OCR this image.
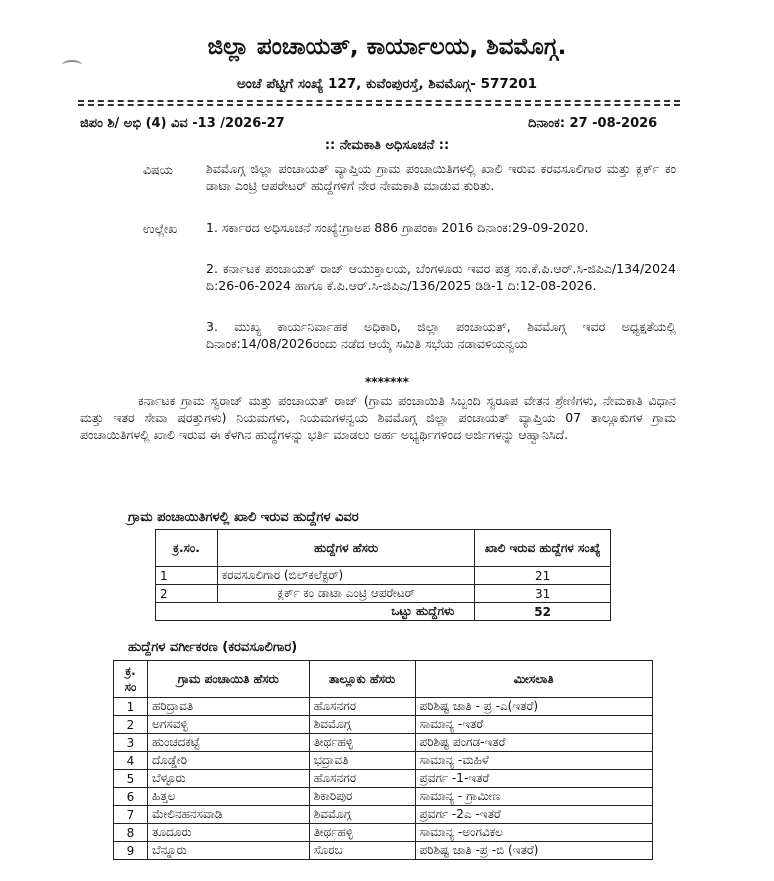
ಜಿಲ್ಲಾ ಪಂಚಾಯತ್, ಕಾರ್ಯಾಲಯ, ಶಿವಮೊಗ್ಗ.
ಅಂಚೆ ಪೆಟ್ಟಿಗೆ ಸಂಖ್ಯೆ 127, ಕುವೆಂಪುರಸ್ತೆ, ಶಿವಮೊಗ್ಗ- 577201
ಜಿಪಂ ಶಿ/ ಅಭಿ (4) ವಿವ -13 /2026-27	ದಿನಾಂಕ: 27 -08-2026
:: ನೇಮಕಾತಿ ಅಧಿಸೂಚನೆ ::
ವಿಷಯ	ಶಿವಮೊಗ್ಗ ಜಿಲ್ಲಾ ಪಂಚಾಯತ್ ವ್ಯಾಪ್ತಿಯ ಗ್ರಾಮ ಪಂಚಾಯಿತಿಗಳಲ್ಲಿ ಖಾಲಿ ಇರುವ ಕರವಸೂಲಿಗಾರ ಮತ್ತು ಕ್ಲರ್ಕ್ ಕಂ ಡಾಟಾ ಎಂಟ್ರಿ ಆಪರೇಟರ್ ಹುದ್ದೆಗಳಿಗೆ ನೇರ ನೇಮಕಾತಿ ಮಾಡುವ ಕುರಿತು.
ಉಲ್ಲೇಖ 1. ಸರ್ಕಾರದ ಅಧಿಸೂಚನೆ ಸಂಖ್ಯೆ:ಗ್ರಾಅಪ 886 ಗ್ರಾಪಂಕಾ 2016 ದಿನಾಂಕ:29-09-2020.
2. ಕರ್ನಾಟಕ ಪಂಚಾಯತ್ ರಾಜ್ ಆಯುಕ್ತಾಲಯ, ಬೆಂಗಳೂರು ಇವರ ಪತ್ರ ಸಂ.ಕೆ.ಪಿ.ಆರ್.ಸಿ-ಜಿಪಿಎ/134/2024 ದಿ:26-06-2024 ಹಾಗೂ ಕೆ.ಪಿ.ಆರ್.ಸಿ-ಜಿಪಿಎ/136/2025 ಡಿಡಿ-1 ದಿ:12-08-2026.
3. ಮುಖ್ಯ ಕಾರ್ಯನಿರ್ವಾಹಕ ಅಧಿಕಾರಿ, ಜಿಲ್ಲಾ ಪಂಚಾಯತ್, ಶಿವಮೊಗ್ಗ ಇವರ ಅಧ್ಯಕ್ಷತೆಯಲ್ಲಿ ದಿನಾಂಕ:14/08/2026ರಂದು ನಡೆದ ಆಯ್ಕೆ ಸಮಿತಿ ಸಭೆಯ ನಡಾವಳಿಯನ್ವಯ
*******
ಕರ್ನಾಟಕ ಗ್ರಾಮ ಸ್ವರಾಜ್ ಮತ್ತು ಪಂಚಾಯತ್ ರಾಜ್ (ಗ್ರಾಮ ಪಂಚಾಯಿತಿ ಸಿಬ್ಬಂದಿ ಸ್ವರೂಪ ವೇತನ ಶ್ರೇಣಿಗಳು, ನೇಮಕಾತಿ ವಿಧಾನ ಮತ್ತು ಇತರ ಸೇವಾ ಷರತ್ತುಗಳು) ನಿಯಮಗಳು, ನಿಯಮಗಳನ್ವಯ ಶಿವಮೊಗ್ಗ ಜಿಲ್ಲಾ ಪಂಚಾಯತ್ ವ್ಯಾಪ್ತಿಯ 07 ತಾಲ್ಲೂಕುಗಳ ಗ್ರಾಮ ಪಂಚಾಯಿತಿಗಳಲ್ಲಿ ಖಾಲಿ ಇರುವ ಈ ಕೆಳಗಿನ ಹುದ್ದೆಗಳನ್ನು ಭರ್ತಿ ಮಾಡಲು ಅರ್ಹ ಅಭ್ಯರ್ಥಿಗಳಿಂದ ಅರ್ಜಿಗಳನ್ನು ಆಹ್ವಾನಿಸಿದೆ.
ಗ್ರಾಮ ಪಂಚಾಯಿತಿಗಳಲ್ಲಿ ಖಾಲಿ ಇರುವ ಹುದ್ದೆಗಳ ವಿವರ
ಕ್ರ.ಸಂ.	ಹುದ್ದೆಗಳ ಹೆಸರು	ಖಾಲಿ ಇರುವ ಹುದ್ದೆಗಳ ಸಂಖ್ಯೆ
1	ಕರವಸೂಲಿಗಾರ (ಬಿಲ್‌ಕಲೆಕ್ಟರ್)	21
2	ಕ್ಲರ್ಕ್ ಕಂ ಡಾಟಾ ಎಂಟ್ರಿ ಆಪರೇಟರ್	31
ಒಟ್ಟು ಹುದ್ದೆಗಳು		52
ಹುದ್ದೆಗಳ ವರ್ಗೀಕರಣ (ಕರವಸೂಲಿಗಾರ)
ಕ್ರ. ಸಂ	ಗ್ರಾಮ ಪಂಚಾಯಿತಿ ಹೆಸರು	ತಾಲ್ಲೂಕು ಹೆಸರು	ಮೀಸಲಾತಿ
1	ಹರಿದ್ರಾವತಿ	ಹೊಸನಗರ	ಪರಿಶಿಷ್ಟ ಜಾತಿ - ಪ್ರ -ಎ(ಇತರೆ)
2	ಅಗಸವಳ್ಳಿ	ಶಿವಮೊಗ್ಗ	ಸಾಮಾನ್ಯ -ಇತರೆ
3	ಹುಂಚದಕಟ್ಟೆ	ತೀರ್ಥಹಳ್ಳಿ	ಪರಿಶಿಷ್ಟ ಪಂಗಡ-ಇತರೆ
4	ದೊಡ್ಡೇರಿ	ಭದ್ರಾವತಿ	ಸಾಮಾನ್ಯ -ಮಹಿಳೆ
5	ಬೆಳ್ಳೂರು	ಹೊಸನಗರ	ಪ್ರವರ್ಗ -1-ಇತರೆ
6	ಹಿತ್ತಲ	ಶಿಕಾರಿಪುರ	ಸಾಮಾನ್ಯ - ಗ್ರಾಮೀಣ
7	ಮೇಲಿನಹನಸವಾಡಿ	ಶಿವಮೊಗ್ಗ	ಪ್ರವರ್ಗ -2ಎ -ಇತರೆ
8	ತೂದೂರು	ತೀರ್ಥಹಳ್ಳಿ	ಸಾಮಾನ್ಯ -ಅಂಗವಿಕಲ
9	ಬೆನ್ನೂರು	ಸೊರಬ	ಪರಿಶಿಷ್ಟ ಜಾತಿ -ಪ್ರ -ಬಿ (ಇತರೆ)
